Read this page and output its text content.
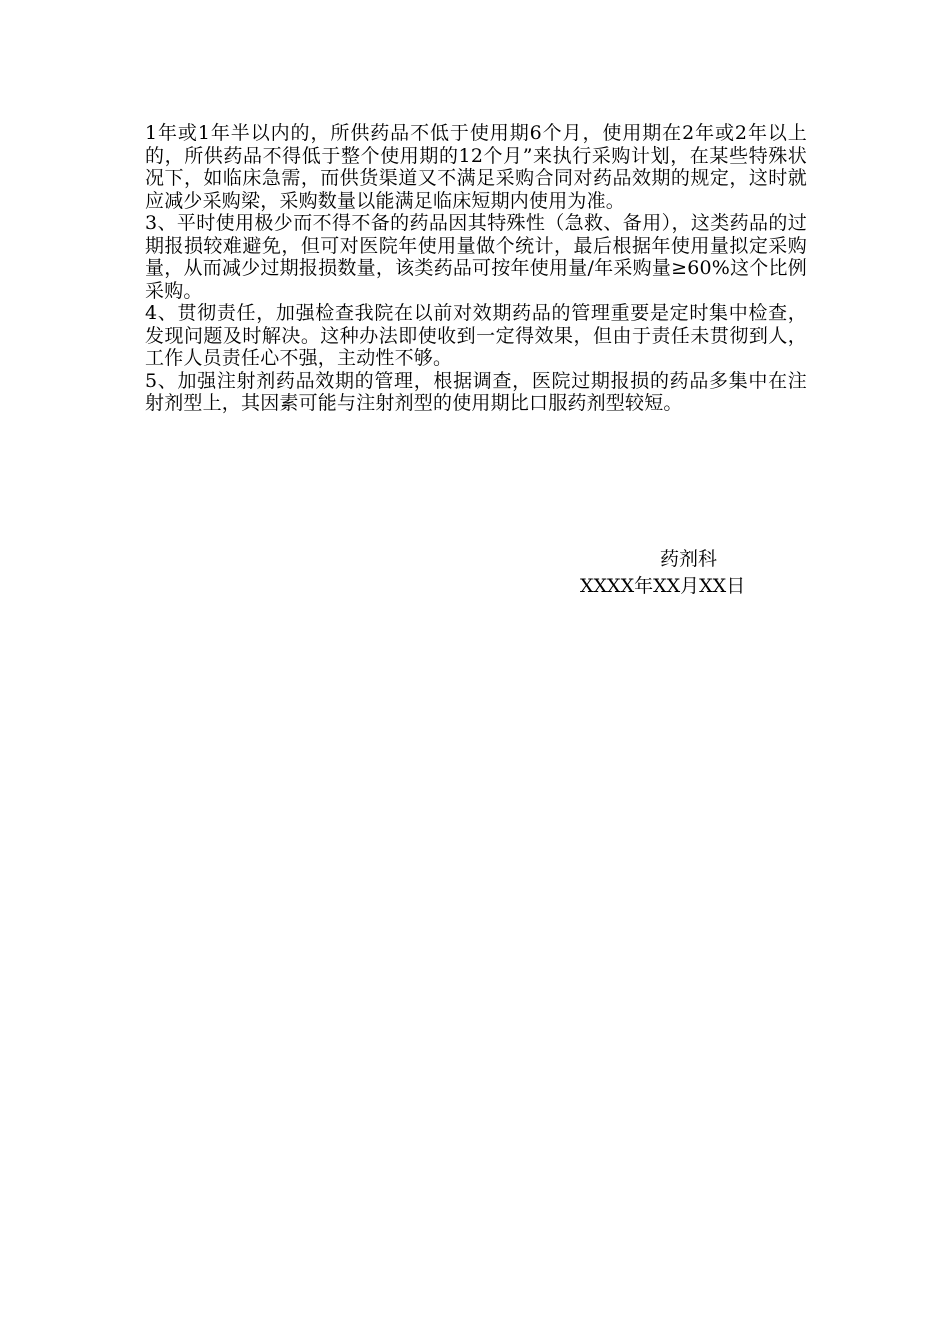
1年或1年半以内的，所供药品不低于使用期6个月，使用期在2年或2年以上的，所供药品不得低于整个使用期的12个月”来执行采购计划，在某些特殊状况下，如临床急需，而供货渠道又不满足采购合同对药品效期的规定，这时就应减少采购梁，采购数量以能满足临床短期内使用为准。

3、平时使用极少而不得不备的药品因其特殊性（急救、备用），这类药品的过期报损较难避免，但可对医院年使用量做个统计，最后根据年使用量拟定采购量，从而减少过期报损数量，该类药品可按年使用量/年采购量≥60%这个比例采购。

4、贯彻责任，加强检查我院在以前对效期药品的管理重要是定时集中检查，发现问题及时解决。这种办法即使收到一定得效果，但由于责任未贯彻到人，工作人员责任心不强，主动性不够。

5、加强注射剂药品效期的管理，根据调查，医院过期报损的药品多集中在注射剂型上，其因素可能与注射剂型的使用期比口服药剂型较短。

药剂科
XXXX年XX月XX日
